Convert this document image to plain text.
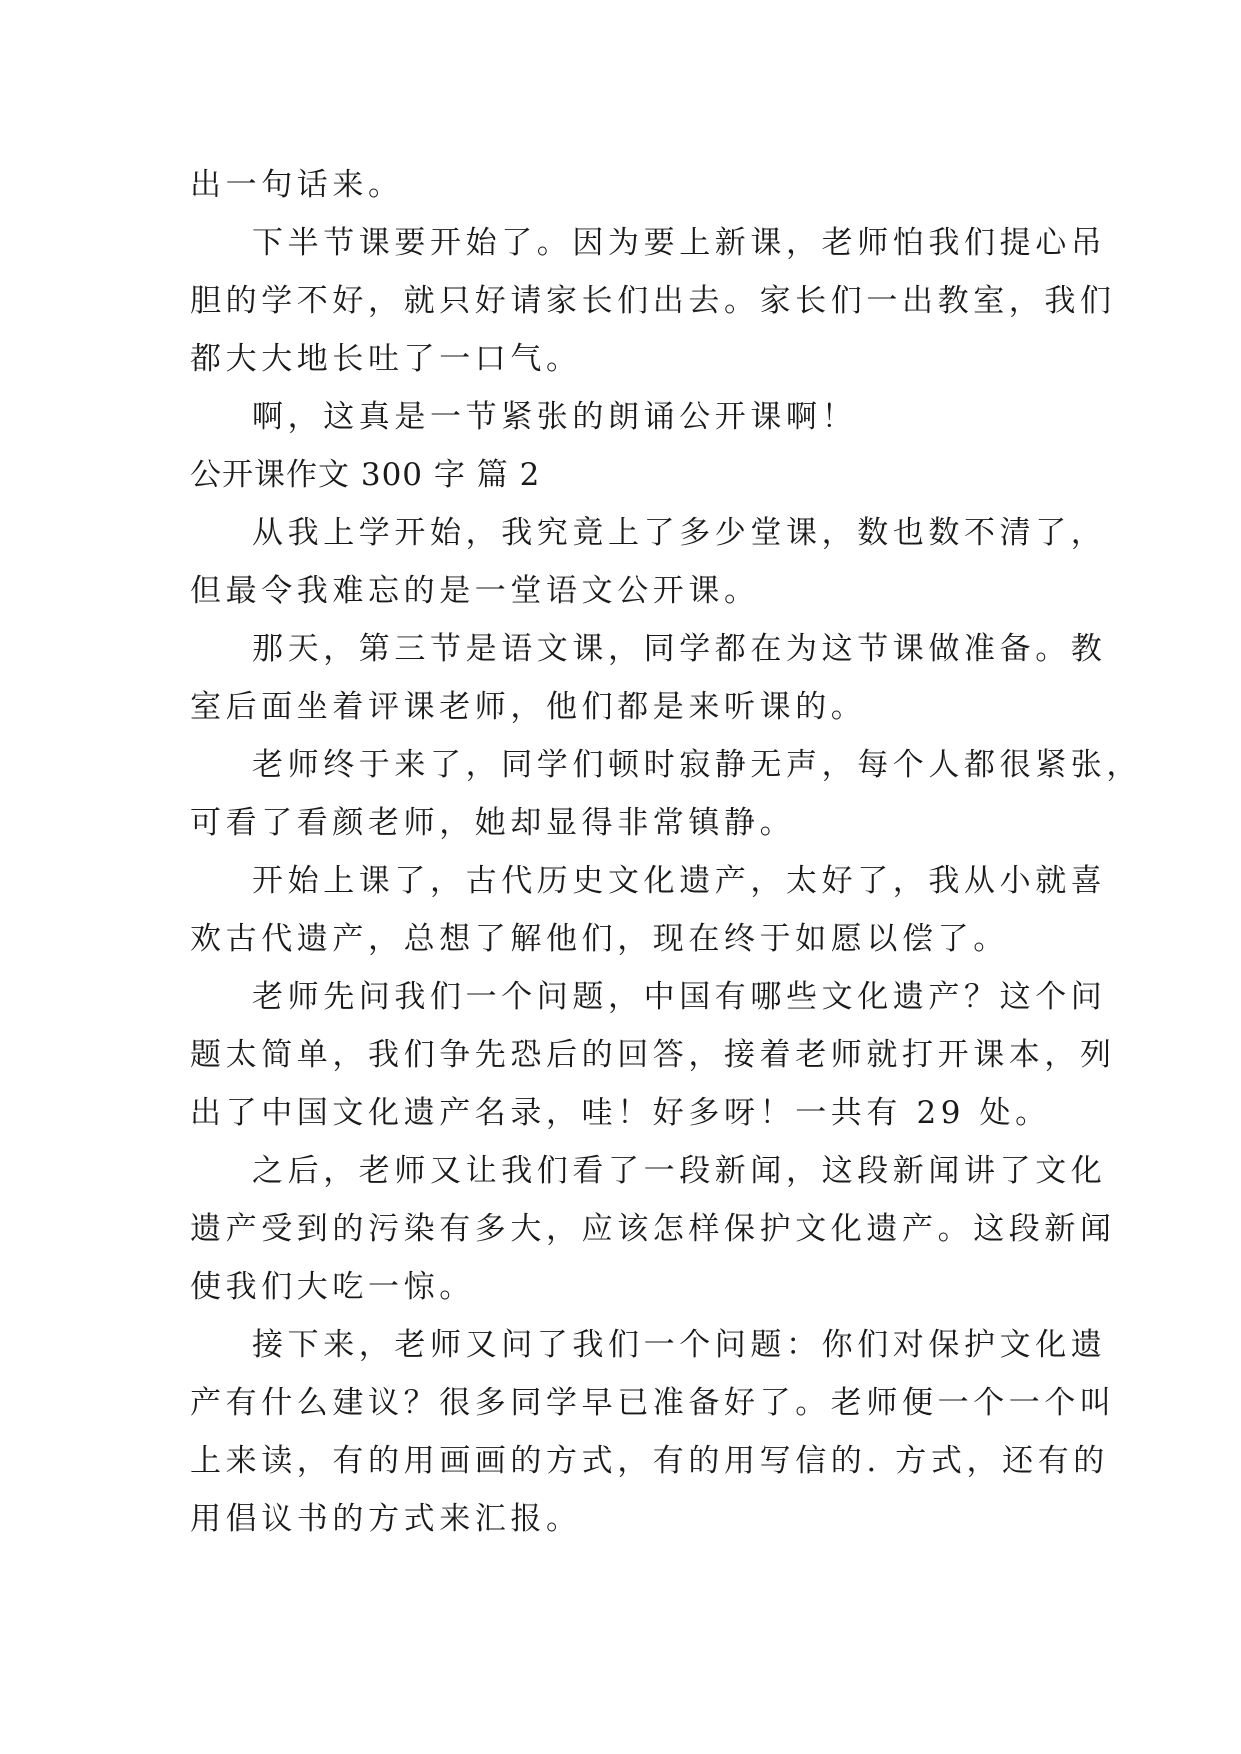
出一句话来。
下半节课要开始了。因为要上新课，老师怕我们提心吊
胆的学不好，就只好请家长们出去。家长们一出教室，我们
都大大地长吐了一口气。
啊，这真是一节紧张的朗诵公开课啊！
公开课作文 300 字 篇 2
从我上学开始，我究竟上了多少堂课，数也数不清了，
但最令我难忘的是一堂语文公开课。
那天，第三节是语文课，同学都在为这节课做准备。教
室后面坐着评课老师，他们都是来听课的。
老师终于来了，同学们顿时寂静无声，每个人都很紧张，
可看了看颜老师，她却显得非常镇静。
开始上课了，古代历史文化遗产，太好了，我从小就喜
欢古代遗产，总想了解他们，现在终于如愿以偿了。
老师先问我们一个问题，中国有哪些文化遗产？这个问
题太简单，我们争先恐后的回答，接着老师就打开课本，列
出了中国文化遗产名录，哇！好多呀！一共有 29 处。
之后，老师又让我们看了一段新闻，这段新闻讲了文化
遗产受到的污染有多大，应该怎样保护文化遗产。这段新闻
使我们大吃一惊。
接下来，老师又问了我们一个问题：你们对保护文化遗
产有什么建议？很多同学早已准备好了。老师便一个一个叫
上来读，有的用画画的方式，有的用写信的. 方式，还有的
用倡议书的方式来汇报。
